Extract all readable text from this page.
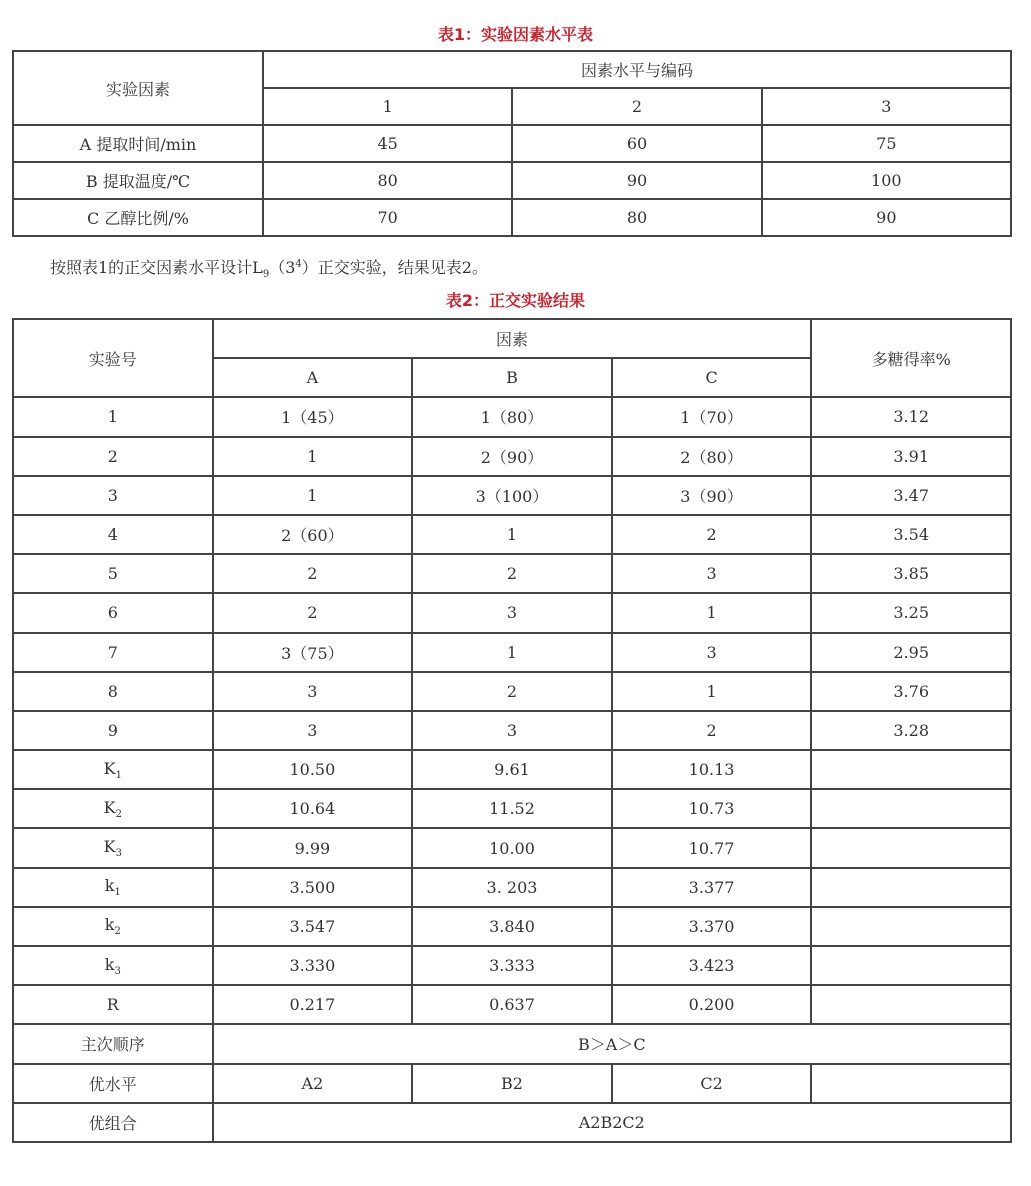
表1：实验因素水平表
实验因素	因素水平与编码		
	1	2	3
A 提取时间/min	45	60	75
B 提取温度/℃	80	90	100
C 乙醇比例/%	70	80	90
按照表1的正交因素水平设计$L_9(3^4)$正交实验，结果见表2。
表2：正交实验结果
实验号	因素			多糖得率%
	A	B	C	
1	1（45）	1（80）	1（70）	3.12
2	1	2（90）	2（80）	3.91
3	1	3（100）	3（90）	3.47
4	2（60）	1	2	3.54
5	2	2	3	3.85
6	2	3	1	3.25
7	3（75）	1	3	2.95
8	3	2	1	3.76
9	3	3	2	3.28
$K_1$	10.50	9.61	10.13	
$K_2$	10.64	11.52	10.73	
$K_3$	9.99	10.00	10.77	
$k_1$	3.500	3. 203	3.377	
$k_2$	3.547	3.840	3.370	
$k_3$	3.330	3.333	3.423	
R	0.217	0.637	0.200	
主次顺序	B＞A＞C			
优水平	A2	B2	C2	
优组合	A2B2C2			
